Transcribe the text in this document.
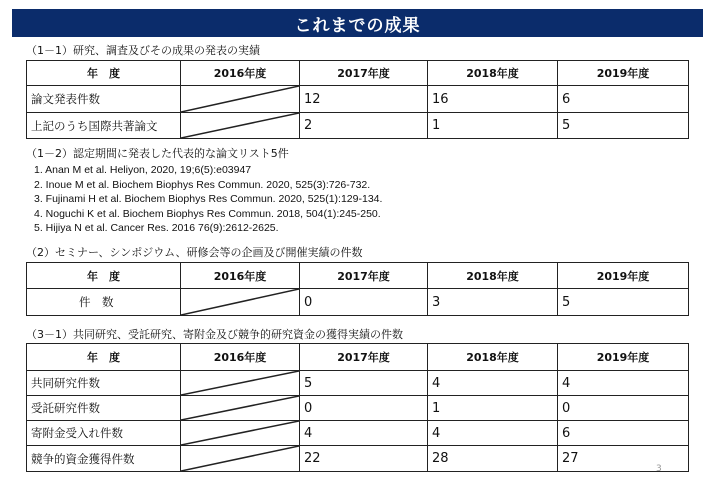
これまでの成果
（1－1）研究、調査及びその成果の発表の実績
年　度	2016年度	2017年度	2018年度	2019年度
論文発表件数		12	16	6
上記のうち国際共著論文		2	1	5
（1－2）認定期間に発表した代表的な論文リスト5件
1. Anan M et al. Heliyon, 2020, 19;6(5):e03947
2. Inoue M et al. Biochem Biophys Res Commun. 2020, 525(3):726-732.
3. Fujinami H et al. Biochem Biophys Res Commun. 2020, 525(1):129-134.
4. Noguchi K et al. Biochem Biophys Res Commun. 2018, 504(1):245-250.
5. Hijiya N et al. Cancer Res. 2016 76(9):2612-2625.
（2）セミナー、シンポジウム、研修会等の企画及び開催実績の件数
年　度	2016年度	2017年度	2018年度	2019年度
件　数		0	3	5
（3－1）共同研究、受託研究、寄附金及び競争的研究資金の獲得実績の件数
年　度	2016年度	2017年度	2018年度	2019年度
共同研究件数		5	4	4
受託研究件数		0	1	0
寄附金受入れ件数		4	4	6
競争的資金獲得件数		22	28	27
3
